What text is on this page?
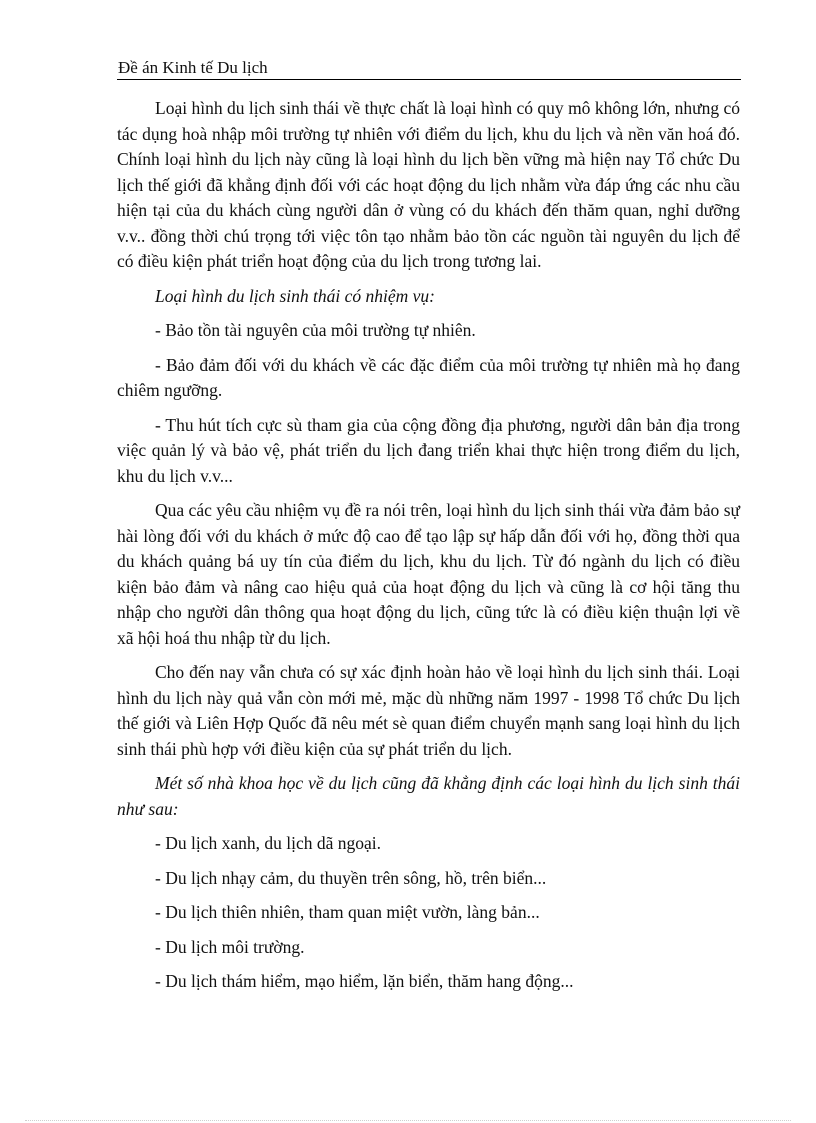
Đề án Kinh tế Du lịch

Loại hình du lịch sinh thái về thực chất là loại hình có quy mô không lớn, nhưng có tác dụng hoà nhập môi trường tự nhiên với điểm du lịch, khu du lịch và nền văn hoá đó. Chính loại hình du lịch này cũng là loại hình du lịch bền vững mà hiện nay Tổ chức Du lịch thế giới đã khẳng định đối với các hoạt động du lịch nhằm vừa đáp ứng các nhu cầu hiện tại của du khách cùng người dân ở vùng có du khách đến thăm quan, nghỉ dưỡng v.v.. đồng thời chú trọng tới việc tôn tạo nhằm bảo tồn các nguồn tài nguyên du lịch để có điều kiện phát triển hoạt động của du lịch trong tương lai.

Loại hình du lịch sinh thái có nhiệm vụ:

- Bảo tồn tài nguyên của môi trường tự nhiên.

- Bảo đảm đối với du khách về các đặc điểm của môi trường tự nhiên mà họ đang chiêm ngưỡng.

- Thu hút tích cực sù tham gia của cộng đồng địa phương, người dân bản địa trong việc quản lý và bảo vệ, phát triển du lịch đang triển khai thực hiện trong điểm du lịch, khu du lịch v.v...

Qua các yêu cầu nhiệm vụ đề ra nói trên, loại hình du lịch sinh thái vừa đảm bảo sự hài lòng đối với du khách ở mức độ cao để tạo lập sự hấp dẫn đối với họ, đồng thời qua du khách quảng bá uy tín của điểm du lịch, khu du lịch. Từ đó ngành du lịch có điều kiện bảo đảm và nâng cao hiệu quả của hoạt động du lịch và cũng là cơ hội tăng thu nhập cho người dân thông qua hoạt động du lịch, cũng tức là có điều kiện thuận lợi về xã hội hoá thu nhập từ du lịch.

Cho đến nay vẫn chưa có sự xác định hoàn hảo về loại hình du lịch sinh thái. Loại hình du lịch này quả vẫn còn mới mẻ, mặc dù những năm 1997 - 1998 Tổ chức Du lịch thế giới và Liên Hợp Quốc đã nêu mét sè quan điểm chuyển mạnh sang loại hình du lịch sinh thái phù hợp với điều kiện của sự phát triển du lịch.

Mét số nhà khoa học về du lịch cũng đã khẳng định các loại hình du lịch sinh thái như sau:

- Du lịch xanh, du lịch dã ngoại.

- Du lịch nhạy cảm, du thuyền trên sông, hồ, trên biển...

- Du lịch thiên nhiên, tham quan miệt vườn, làng bản...

- Du lịch môi trường.

- Du lịch thám hiểm, mạo hiểm, lặn biển, thăm hang động...
